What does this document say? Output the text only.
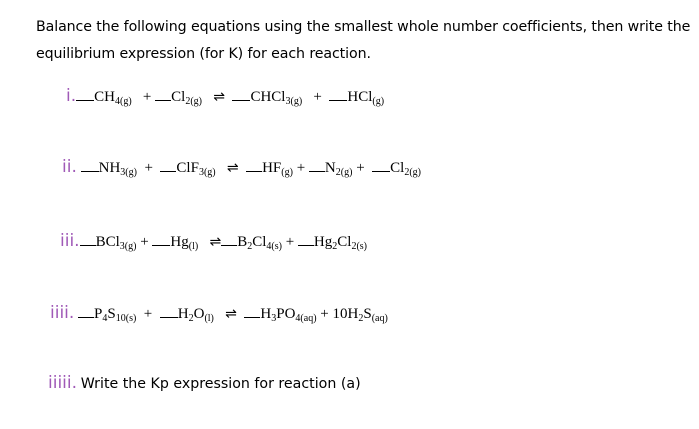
Balance the following equations using the smallest whole number coefficients, then write the
equilibrium expression (for K) for each reaction.
i. $CH_{4(g)} + Cl_{2(g)}$ ⇌ CHCl$_{3(g)}$ + HCl$_{(g)}$
ii. $NH_{3(g)} + ClF_{3(g)}$ ⇌ $HF_{(g)} + N_{2(g)} + Cl_{2(g)}$
iii. $BCl_{3(g)} + Hg_{(l)}$ ⇌ $B_2Cl_{4(s)} + Hg_2Cl_{2(s)}$
iiii. $P_4S_{10(s)} + H_2O_{(l)}$ ⇌ $H_3PO_{4(aq)} + 10H_2S_{(aq)}$
iiiii. Write the Kp expression for reaction (a)
